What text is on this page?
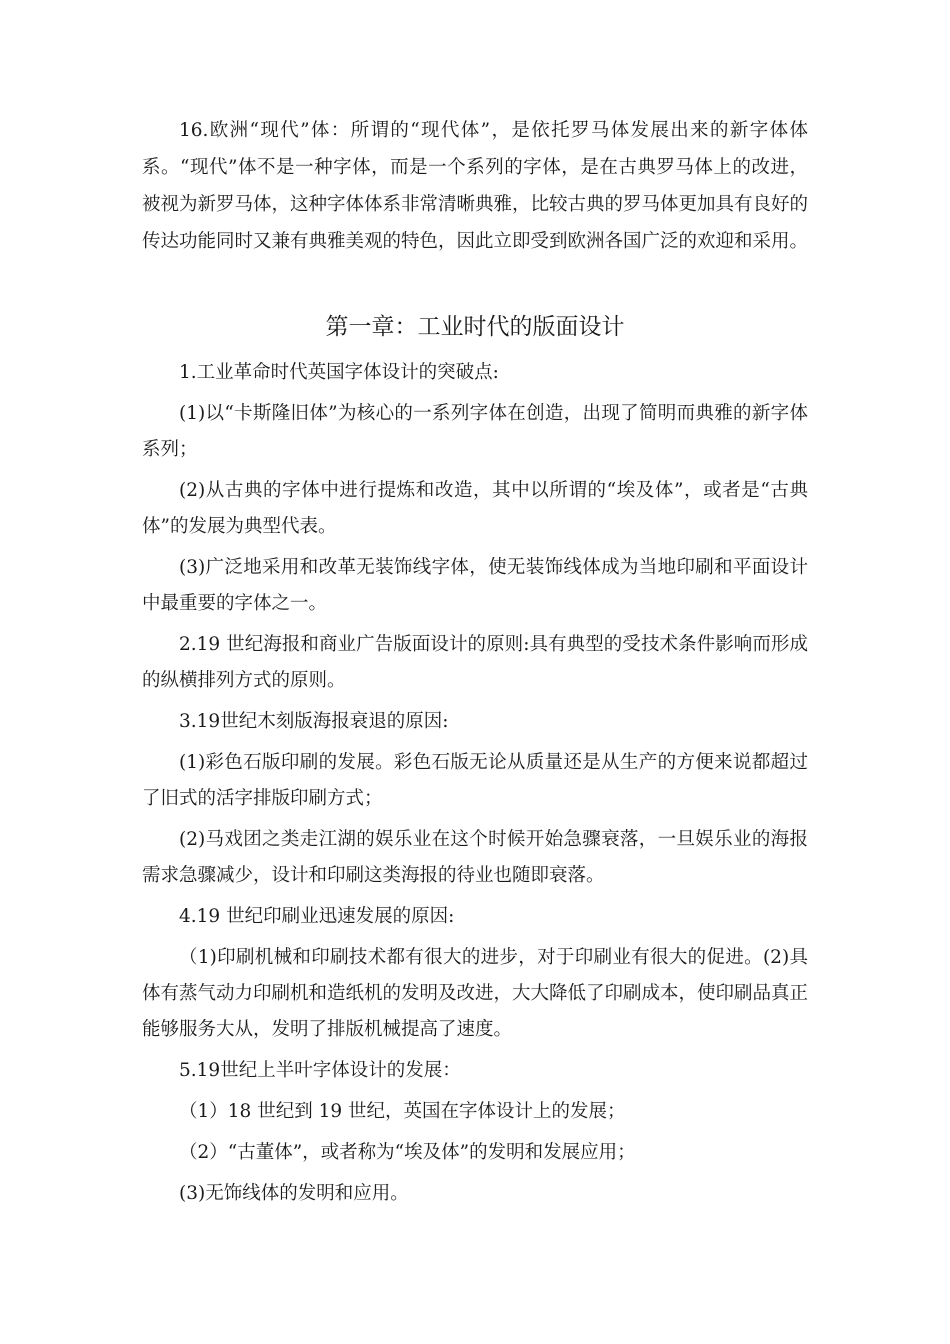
16.欧洲“现代”体：所谓的“现代体”，是依托罗马体发展出来的新字体体系。“现代”体不是一种字体，而是一个系列的字体，是在古典罗马体上的改进，被视为新罗马体，这种字体体系非常清晰典雅，比较古典的罗马体更加具有良好的传达功能同时又兼有典雅美观的特色，因此立即受到欧洲各国广泛的欢迎和采用。

第一章：工业时代的版面设计

1.工业革命时代英国字体设计的突破点:

(1)以“卡斯隆旧体”为核心的一系列字体在创造，出现了简明而典雅的新字体系列；

(2)从古典的字体中进行提炼和改造，其中以所谓的“埃及体”，或者是“古典体”的发展为典型代表。

(3)广泛地采用和改革无装饰线字体，使无装饰线体成为当地印刷和平面设计中最重要的字体之一。

2.19 世纪海报和商业广告版面设计的原则:具有典型的受技术条件影响而形成的纵横排列方式的原则。

3.19世纪木刻版海报衰退的原因:

(1)彩色石版印刷的发展。彩色石版无论从质量还是从生产的方便来说都超过了旧式的活字排版印刷方式；

(2)马戏团之类走江湖的娱乐业在这个时候开始急骤衰落，一旦娱乐业的海报需求急骤减少，设计和印刷这类海报的待业也随即衰落。

4.19 世纪印刷业迅速发展的原因:

（1)印刷机械和印刷技术都有很大的进步，对于印刷业有很大的促进。(2)具体有蒸气动力印刷机和造纸机的发明及改进，大大降低了印刷成本，使印刷品真正能够服务大从，发明了排版机械提高了速度。

5.19世纪上半叶字体设计的发展：

（1）18 世纪到 19 世纪，英国在字体设计上的发展；

（2）“古董体”，或者称为“埃及体”的发明和发展应用；

(3)无饰线体的发明和应用。
